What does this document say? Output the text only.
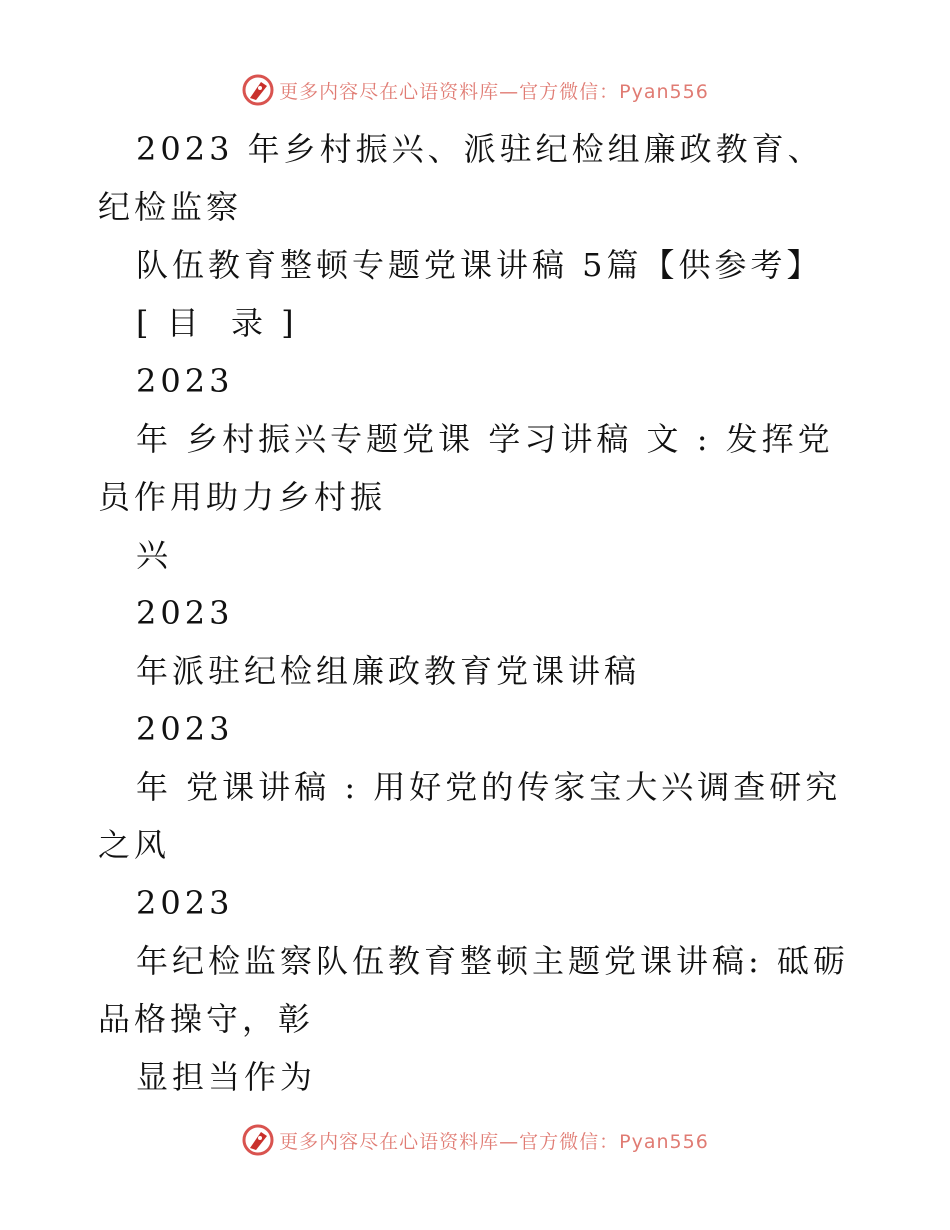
更多内容尽在心语资料库—官方微信：Pyan556

2023 年乡村振兴、派驻纪检组廉政教育、纪检监察

队伍教育整顿专题党课讲稿 5篇【供参考】

[ 目  录 ]

2023

年 乡村振兴专题党课 学习讲稿 文 : 发挥党员作用助力乡村振

兴

2023

年派驻纪检组廉政教育党课讲稿

2023

年 党课讲稿 : 用好党的传家宝大兴调查研究之风

2023

年纪检监察队伍教育整顿主题党课讲稿: 砥砺品格操守，彰

显担当作为

更多内容尽在心语资料库—官方微信：Pyan556
